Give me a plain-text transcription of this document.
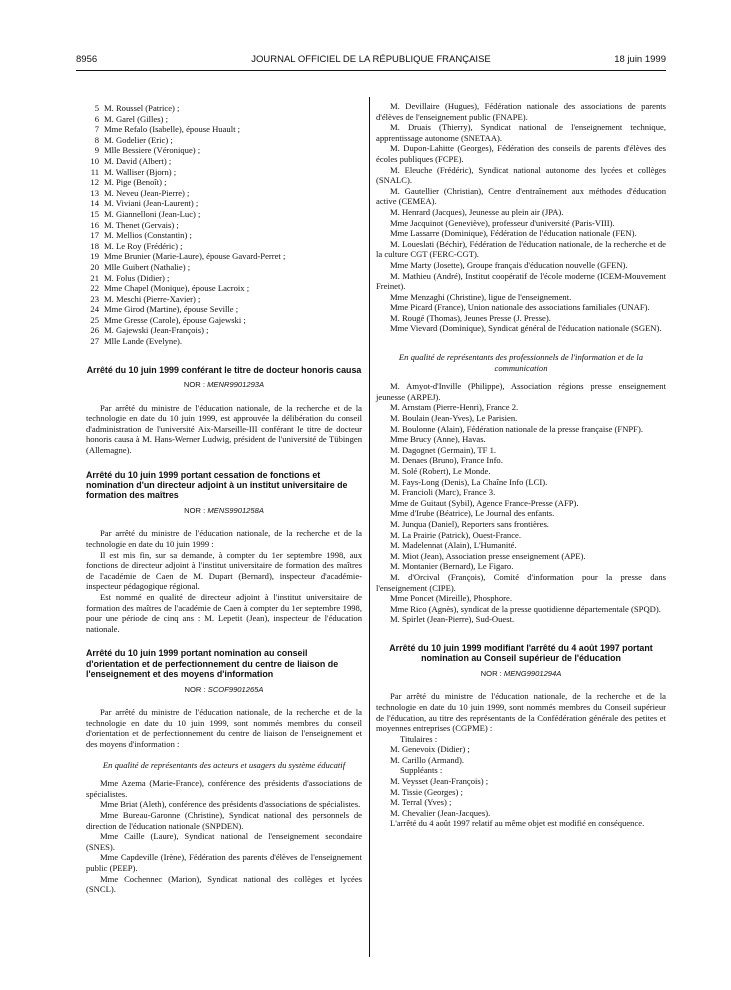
8956	JOURNAL OFFICIEL DE LA RÉPUBLIQUE FRANÇAISE	18 juin 1999
5 M. Roussel (Patrice) ;
6 M. Garel (Gilles) ;
7 Mme Refalo (Isabelle), épouse Huault ;
8 M. Godelier (Eric) ;
9 Mlle Bessiere (Véronique) ;
10 M. David (Albert) ;
11 M. Walliser (Bjorn) ;
12 M. Pige (Benoît) ;
13 M. Neveu (Jean-Pierre) ;
14 M. Viviani (Jean-Laurent) ;
15 M. Giannelloni (Jean-Luc) ;
16 M. Thenet (Gervais) ;
17 M. Mellios (Constantin) ;
18 M. Le Roy (Frédéric) ;
19 Mme Brunier (Marie-Laure), épouse Gavard-Perret ;
20 Mlle Guibert (Nathalie) ;
21 M. Folus (Didier) ;
22 Mme Chapel (Monique), épouse Lacroix ;
23 M. Meschi (Pierre-Xavier) ;
24 Mme Girod (Martine), épouse Seville ;
25 Mme Gresse (Carole), épouse Gajewski ;
26 M. Gajewski (Jean-François) ;
27 Mlle Lande (Evelyne).

Arrêté du 10 juin 1999 conférant le titre de docteur honoris causa

NOR : MENR9901293A

Par arrêté du ministre de l'éducation nationale, de la recherche et de la technologie en date du 10 juin 1999, est approuvée la délibération du conseil d'administration de l'université Aix-Marseille-III conférant le titre de docteur honoris causa à M. Hans-Werner Ludwig, président de l'université de Tübingen (Allemagne).

Arrêté du 10 juin 1999 portant cessation de fonctions et nomination d'un directeur adjoint à un institut universitaire de formation des maîtres

NOR : MENS9901258A

Par arrêté du ministre de l'éducation nationale, de la recherche et de la technologie en date du 10 juin 1999 :

Il est mis fin, sur sa demande, à compter du 1er septembre 1998, aux fonctions de directeur adjoint à l'institut universitaire de formation des maîtres de l'académie de Caen de M. Dupart (Bernard), inspecteur d'académie-inspecteur pédagogique régional.

Est nommé en qualité de directeur adjoint à l'institut universitaire de formation des maîtres de l'académie de Caen à compter du 1er septembre 1998, pour une période de cinq ans : M. Lepetit (Jean), inspecteur de l'éducation nationale.

Arrêté du 10 juin 1999 portant nomination au conseil d'orientation et de perfectionnement du centre de liaison de l'enseignement et des moyens d'information

NOR : SCOF9901265A

Par arrêté du ministre de l'éducation nationale, de la recherche et de la technologie en date du 10 juin 1999, sont nommés membres du conseil d'orientation et de perfectionnement du centre de liaison de l'enseignement et des moyens d'information :

En qualité de représentants des acteurs et usagers du système éducatif

Mme Azema (Marie-France), conférence des présidents d'associations de spécialistes.

Mme Briat (Aleth), conférence des présidents d'associations de spécialistes.

Mme Bureau-Garonne (Christine), Syndicat national des personnels de direction de l'éducation nationale (SNPDEN).

Mme Caille (Laure), Syndicat national de l'enseignement secondaire (SNES).

Mme Capdeville (Irène), Fédération des parents d'élèves de l'enseignement public (PEEP).

Mme Cochennec (Marion), Syndicat national des collèges et lycées (SNCL).

M. Devillaire (Hugues), Fédération nationale des associations de parents d'élèves de l'enseignement public (FNAPE).

M. Druais (Thierry), Syndicat national de l'enseignement technique, apprentissage autonome (SNETAA).

M. Dupon-Lahitte (Georges), Fédération des conseils de parents d'élèves des écoles publiques (FCPE).

M. Eleuche (Frédéric), Syndicat national autonome des lycées et collèges (SNALC).

M. Gautellier (Christian), Centre d'entraînement aux méthodes d'éducation active (CEMEA).

M. Henrard (Jacques), Jeunesse au plein air (JPA).

Mme Jacquinot (Geneviève), professeur d'université (Paris-VIII).

Mme Lassarre (Dominique), Fédération de l'éducation nationale (FEN).

M. Loueslati (Béchir), Fédération de l'éducation nationale, de la recherche et de la culture CGT (FERC-CGT).

Mme Marty (Josette), Groupe français d'éducation nouvelle (GFEN).

M. Mathieu (André), Institut coopératif de l'école moderne (ICEM-Mouvement Freinet).

Mme Menzaghi (Christine), ligue de l'enseignement.

Mme Picard (France), Union nationale des associations familiales (UNAF).

M. Rougé (Thomas), Jeunes Presse (J. Presse).

Mme Vievard (Dominique), Syndicat général de l'éducation nationale (SGEN).

En qualité de représentants des professionnels de l'information et de la communication

M. Amyot-d'Inville (Philippe), Association régions presse enseignement jeunesse (ARPEJ).

M. Arnstam (Pierre-Henri), France 2.

M. Boulain (Jean-Yves), Le Parisien.

M. Boulonne (Alain), Fédération nationale de la presse française (FNPF).

Mme Brucy (Anne), Havas.

M. Dagognet (Germain), TF 1.

M. Denaes (Bruno), France Info.

M. Solé (Robert), Le Monde.

M. Fays-Long (Denis), La Chaîne Info (LCI).

M. Francioli (Marc), France 3.

Mme de Guitaut (Sybil), Agence France-Presse (AFP).

Mme d'Irube (Béatrice), Le Journal des enfants.

M. Junqua (Daniel), Reporters sans frontières.

M. La Prairie (Patrick), Ouest-France.

M. Madelennat (Alain), L'Humanité.

M. Miot (Jean), Association presse enseignement (APE).

M. Montanier (Bernard), Le Figaro.

M. d'Orcival (François), Comité d'information pour la presse dans l'enseignement (CIPE).

Mme Poncet (Mireille), Phosphore.

Mme Rico (Agnès), syndicat de la presse quotidienne départementale (SPQD).

M. Spirlet (Jean-Pierre), Sud-Ouest.

Arrêté du 10 juin 1999 modifiant l'arrêté du 4 août 1997 portant nomination au Conseil supérieur de l'éducation

NOR : MENG9901294A

Par arrêté du ministre de l'éducation nationale, de la recherche et de la technologie en date du 10 juin 1999, sont nommés membres du Conseil supérieur de l'éducation, au titre des représentants de la Confédération générale des petites et moyennes entreprises (CGPME) :

Titulaires :

M. Genevoix (Didier) ;

M. Carillo (Armand).

Suppléants :

M. Veysset (Jean-François) ;

M. Tissie (Georges) ;

M. Terral (Yves) ;

M. Chevalier (Jean-Jacques).

L'arrêté du 4 août 1997 relatif au même objet est modifié en conséquence.
